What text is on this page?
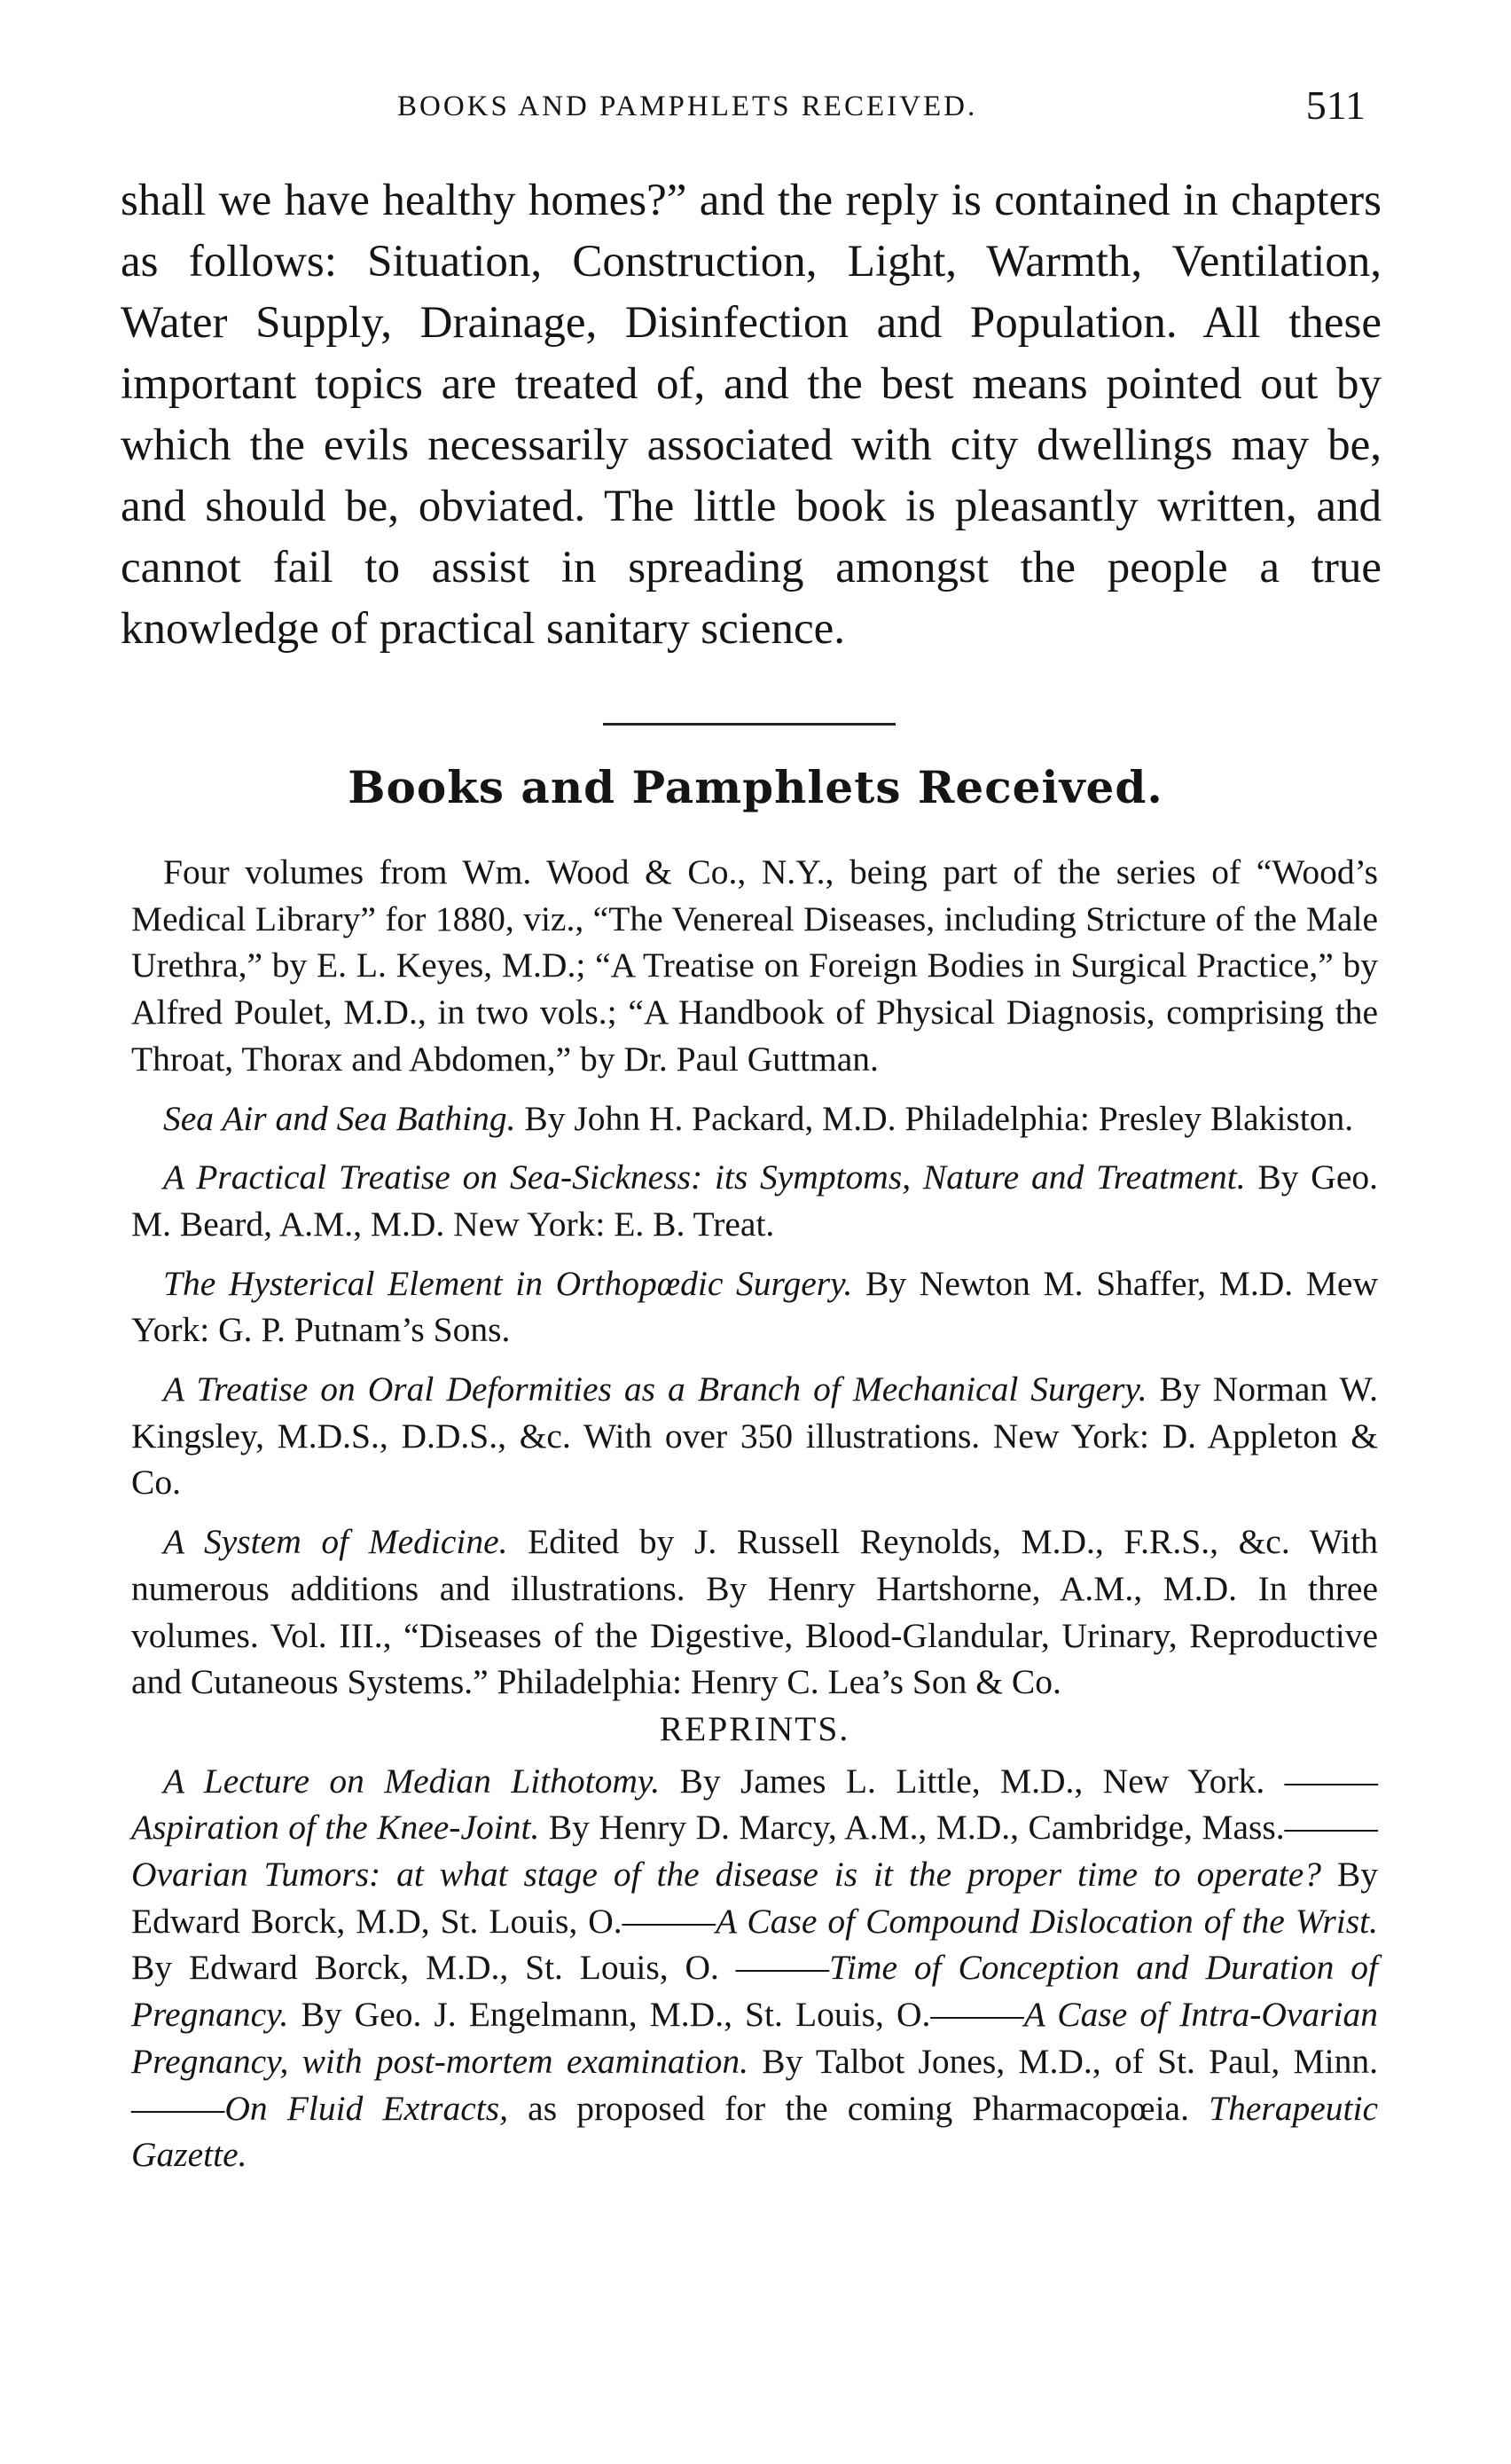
BOOKS AND PAMPHLETS RECEIVED.	511

shall we have healthy homes?” and the reply is contained in chapters as follows: Situation, Construction, Light, Warmth, Ventilation, Water Supply, Drainage, Disinfection and Population. All these important topics are treated of, and the best means pointed out by which the evils necessarily associated with city dwellings may be, and should be, obviated. The little book is pleasantly written, and cannot fail to assist in spreading amongst the people a true knowledge of practical sanitary science.

Books and Pamphlets Received.

Four volumes from Wm. Wood & Co., N.Y., being part of the series of “Wood’s Medical Library” for 1880, viz., “The Venereal Diseases, including Stricture of the Male Urethra,” by E. L. Keyes, M.D.; “A Treatise on Foreign Bodies in Surgical Practice,” by Alfred Poulet, M.D., in two vols.; “A Handbook of Physical Diagnosis, comprising the Throat, Thorax and Abdomen,” by Dr. Paul Guttman.

Sea Air and Sea Bathing. By John H. Packard, M.D. Philadelphia: Presley Blakiston.

A Practical Treatise on Sea-Sickness: its Symptoms, Nature and Treatment. By Geo. M. Beard, A.M., M.D. New York: E. B. Treat.

The Hysterical Element in Orthopœdic Surgery. By Newton M. Shaffer, M.D. Mew York: G. P. Putnam’s Sons.

A Treatise on Oral Deformities as a Branch of Mechanical Surgery. By Norman W. Kingsley, M.D.S., D.D.S., &c. With over 350 illustrations. New York: D. Appleton & Co.

A System of Medicine. Edited by J. Russell Reynolds, M.D., F.R.S., &c. With numerous additions and illustrations. By Henry Hartshorne, A.M., M.D. In three volumes. Vol. III., “Diseases of the Digestive, Blood-Glandular, Urinary, Reproductive and Cutaneous Systems.” Philadelphia: Henry C. Lea’s Son & Co.

REPRINTS.

A Lecture on Median Lithotomy. By James L. Little, M.D., New York. ———Aspiration of the Knee-Joint. By Henry D. Marcy, A.M., M.D., Cambridge, Mass.———Ovarian Tumors: at what stage of the disease is it the proper time to operate? By Edward Borck, M.D, St. Louis, O.———A Case of Compound Dislocation of the Wrist. By Edward Borck, M.D., St. Louis, O. ———Time of Conception and Duration of Pregnancy. By Geo. J. Engelmann, M.D., St. Louis, O.———A Case of Intra-Ovarian Pregnancy, with post-mortem examination. By Talbot Jones, M.D., of St. Paul, Minn.———On Fluid Extracts, as proposed for the coming Pharmacopœia. Therapeutic Gazette.
